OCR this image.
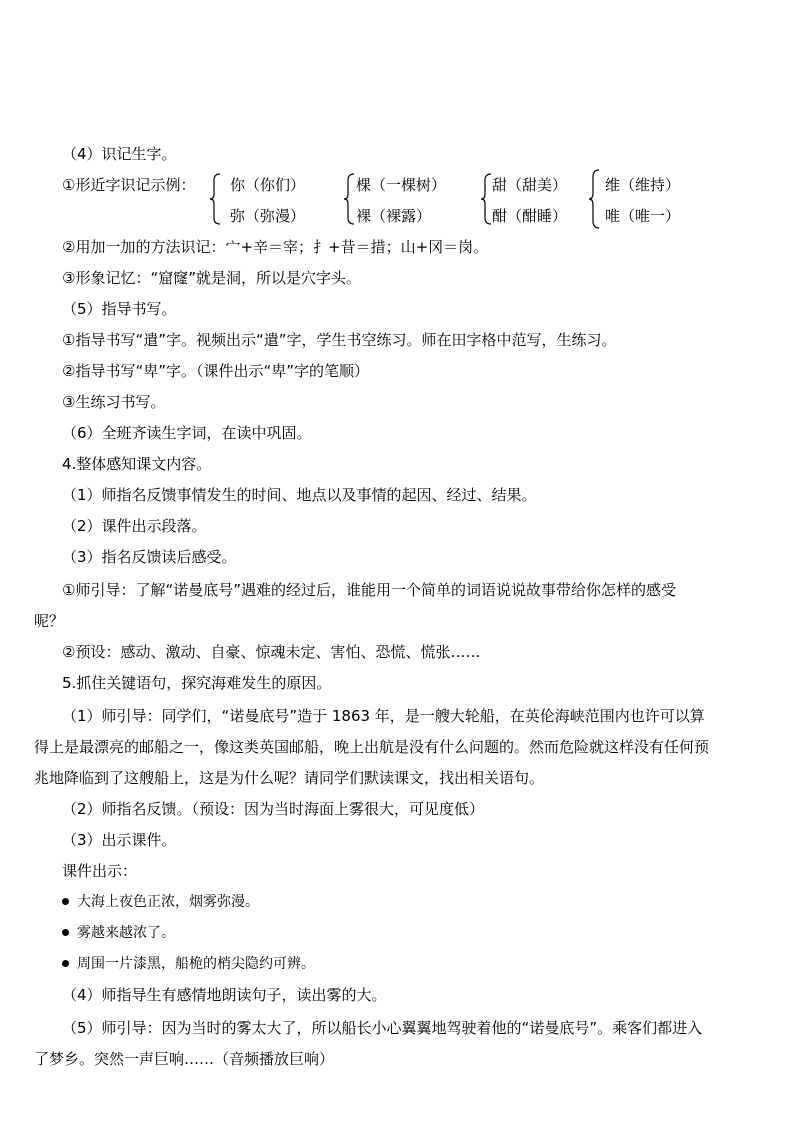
（4）识记生字。
①形近字识记示例： 你（你们）
弥（弥漫）
棵（一棵树）
裸（裸露）
甜（甜美）
酣（酣睡）
维（维持）
唯（唯一）
②用加一加的方法识记：宀+辛＝宰；扌+昔＝措；山+冈＝岗。
③形象记忆：“窟窿”就是洞，所以是穴字头。
（5）指导书写。
①指导书写“遣”字。视频出示“遣”字，学生书空练习。师在田字格中范写，生练习。
②指导书写“卑”字。（课件出示“卑”字的笔顺）
③生练习书写。
（6）全班齐读生字词，在读中巩固。
4.整体感知课文内容。
（1）师指名反馈事情发生的时间、地点以及事情的起因、经过、结果。
（2）课件出示段落。
（3）指名反馈读后感受。
①师引导：了解“诺曼底号”遇难的经过后，谁能用一个简单的词语说说故事带给你怎样的感受
呢？
②预设：感动、激动、自豪、惊魂未定、害怕、恐慌、慌张……
5.抓住关键语句，探究海难发生的原因。
（1）师引导：同学们，“诺曼底号”造于 1863 年，是一艘大轮船，在英伦海峡范围内也许可以算
得上是最漂亮的邮船之一，像这类英国邮船，晚上出航是没有什么问题的。然而危险就这样没有任何预
兆地降临到了这艘船上，这是为什么呢？请同学们默读课文，找出相关语句。
（2）师指名反馈。（预设：因为当时海面上雾很大，可见度低）
（3）出示课件。
课件出示：
大海上夜色正浓，烟雾弥漫。
雾越来越浓了。
周围一片漆黑，船桅的梢尖隐约可辨。
（4）师指导生有感情地朗读句子，读出雾的大。
（5）师引导：因为当时的雾太大了，所以船长小心翼翼地驾驶着他的“诺曼底号”。乘客们都进入
了梦乡。突然一声巨响……（音频播放巨响）
